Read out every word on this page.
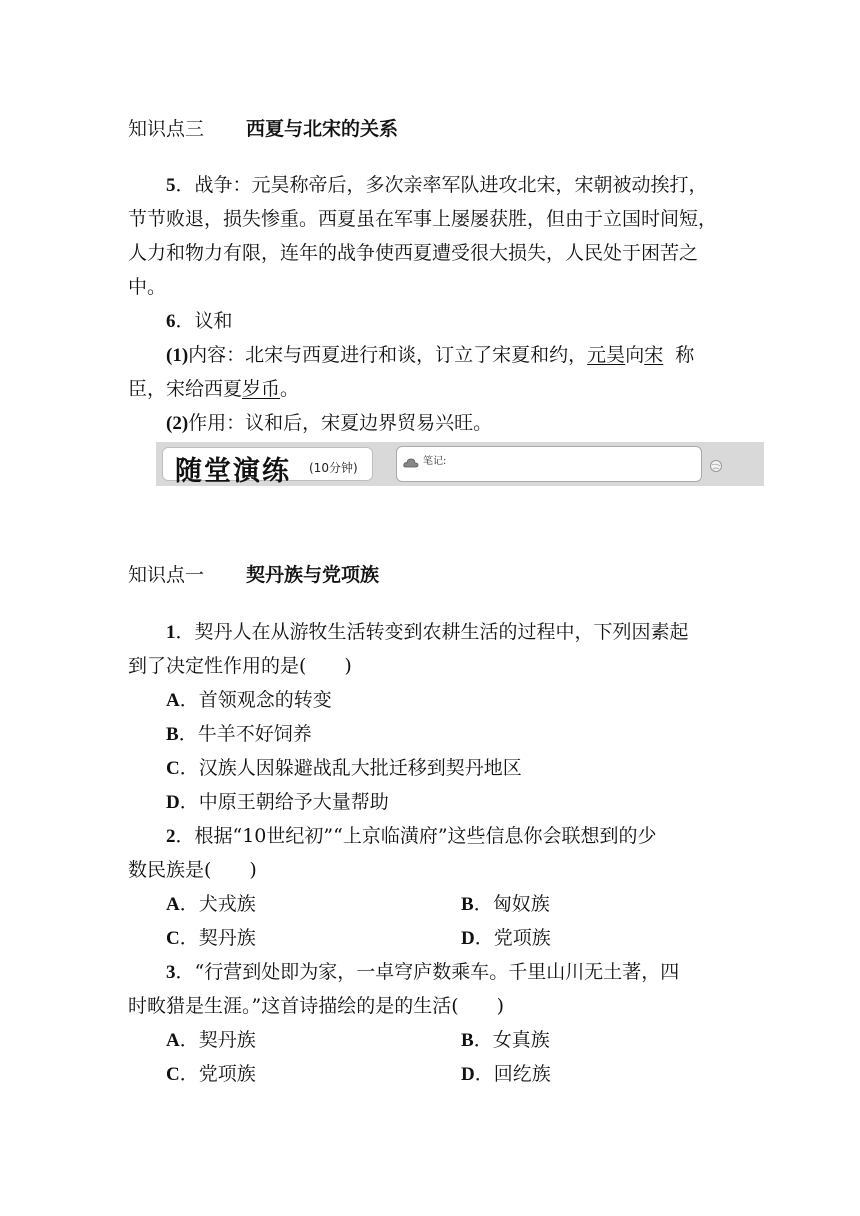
知识点三 西夏与北宋的关系
5．战争：元昊称帝后，多次亲率军队进攻北宋，宋朝被动挨打，
节节败退，损失惨重。西夏虽在军事上屡屡获胜，但由于立国时间短，
人力和物力有限，连年的战争使西夏遭受很大损失，人民处于困苦之
中。
6．议和
(1)内容：北宋与西夏进行和谈，订立了宋夏和约，元昊向宋  称
臣，宋给西夏岁币。
(2)作用：议和后，宋夏边界贸易兴旺。
随堂演练 (10分钟)	笔记:
知识点一 契丹族与党项族
1．契丹人在从游牧生活转变到农耕生活的过程中，下列因素起
到了决定性作用的是(　　)
A．首领观念的转变
B．牛羊不好饲养
C．汉族人因躲避战乱大批迁移到契丹地区
D．中原王朝给予大量帮助
2．根据“10世纪初”“上京临潢府”这些信息你会联想到的少
数民族是(　　)
A．犬戎族	B．匈奴族
C．契丹族	D．党项族
3．“行营到处即为家，一卓穹庐数乘车。千里山川无土著，四
时畋猎是生涯。”这首诗描绘的是的生活(　　)
A．契丹族	B．女真族
C．党项族	D．回纥族
